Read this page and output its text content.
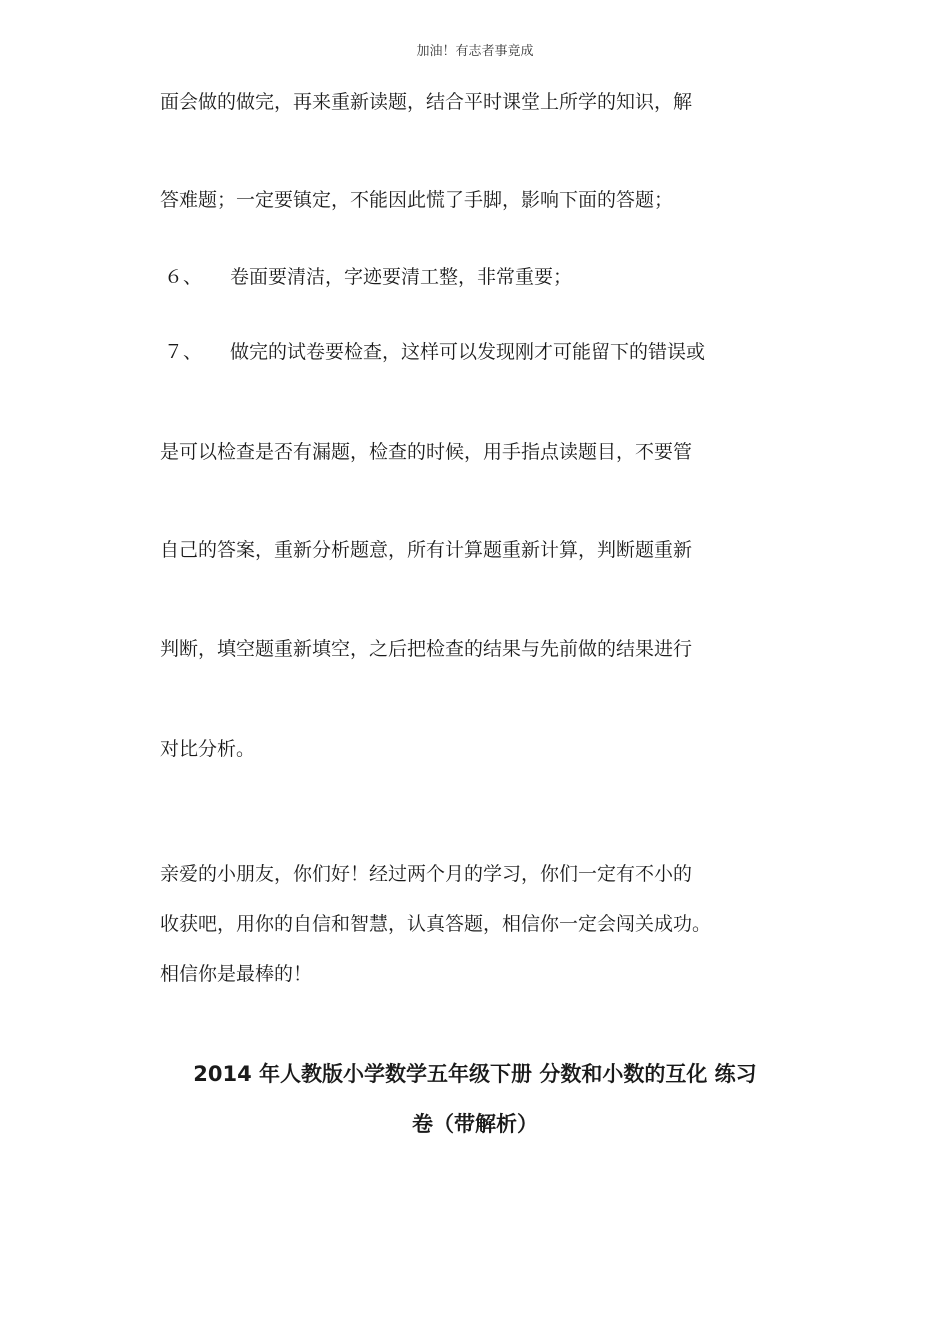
加油！有志者事竟成
面会做的做完，再来重新读题，结合平时课堂上所学的知识，解
答难题；一定要镇定，不能因此慌了手脚，影响下面的答题；
６、 卷面要清洁，字迹要清工整，非常重要；
７、 做完的试卷要检查，这样可以发现刚才可能留下的错误或
是可以检查是否有漏题，检查的时候，用手指点读题目，不要管
自己的答案，重新分析题意，所有计算题重新计算，判断题重新
判断，填空题重新填空，之后把检查的结果与先前做的结果进行
对比分析。
亲爱的小朋友，你们好！经过两个月的学习，你们一定有不小的
收获吧，用你的自信和智慧，认真答题，相信你一定会闯关成功。
相信你是最棒的！
2014 年人教版小学数学五年级下册 分数和小数的互化 练习
卷（带解析）
